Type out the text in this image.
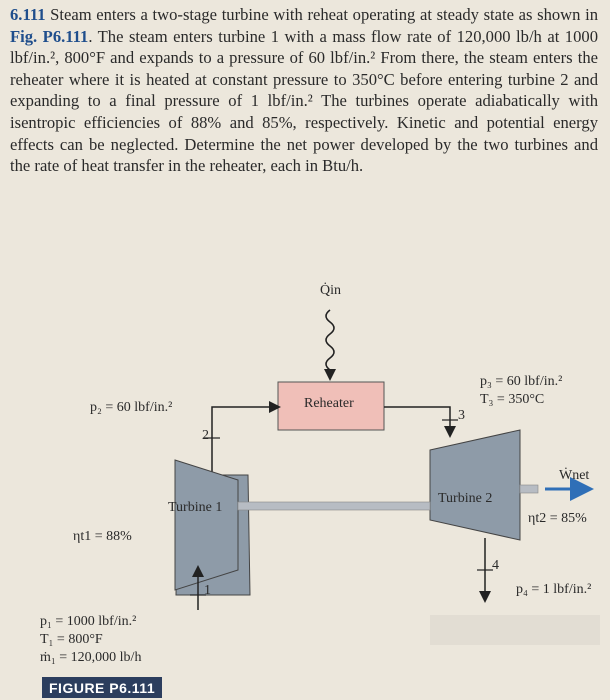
6.111 Steam enters a two-stage turbine with reheat operating at steady state as shown in Fig. P6.111. The steam enters turbine 1 with a mass flow rate of 120,000 lb/h at 1000 lbf/in.², 800°F and expands to a pressure of 60 lbf/in.² From there, the steam enters the reheater where it is heated at constant pressure to 350°C before entering turbine 2 and expanding to a final pressure of 1 lbf/in.² The turbines operate adiabatically with isentropic efficiencies of 88% and 85%, respectively. Kinetic and potential energy effects can be neglected. Determine the net power developed by the two turbines and the rate of heat transfer in the reheater, each in Btu/h.
Q̇in
Reheater
p₂ = 60 lbf/in.²
2
Turbine 1
Turbine 2
ηt1 = 88%
ηt2 = 85%
Ẇnet
p₃ = 60 lbf/in.²
T₃ = 350°C
3
4
p₄ = 1 lbf/in.²
1
p₁ = 1000 lbf/in.²
T₁ = 800°F
ṁ₁ = 120,000 lb/h
FIGURE P6.111
